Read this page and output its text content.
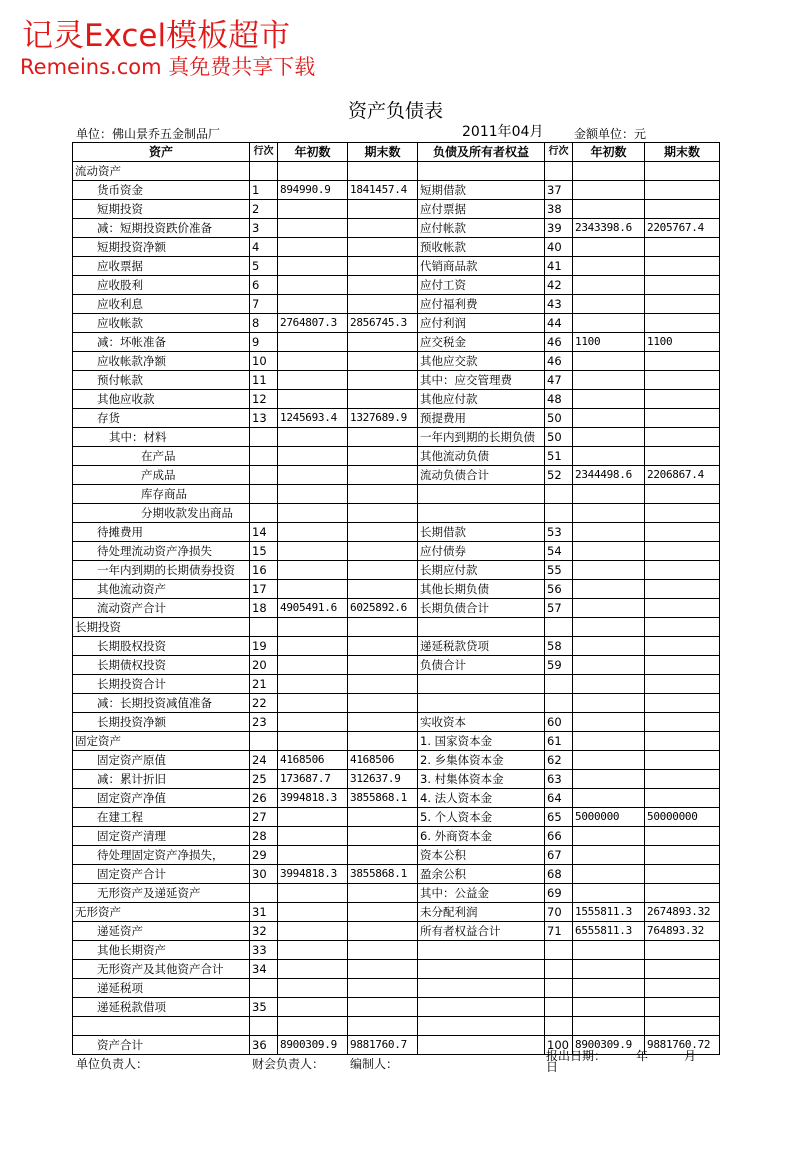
记灵Excel模板超市
Remeins.com 真免费共享下载
资产负债表
单位：佛山景乔五金制品厂	2011年04月	金额单位：元
资产	行次	年初数	期末数	负债及所有者权益	行次	年初数	期末数
流动资产							
货币资金	1	894990.9	1841457.4	短期借款	37		
短期投资	2			应付票据	38		
减：短期投资跌价准备	3			应付帐款	39	2343398.6	2205767.4
短期投资净额	4			预收帐款	40		
应收票据	5			代销商品款	41		
应收股利	6			应付工资	42		
应收利息	7			应付福利费	43		
应收帐款	8	2764807.3	2856745.3	应付利润	44		
减：坏帐准备	9			应交税金	46	1100	1100
应收帐款净额	10			其他应交款	46		
预付帐款	11			其中：应交管理费	47		
其他应收款	12			其他应付款	48		
存货	13	1245693.4	1327689.9	预提费用	50		
其中：材料				一年内到期的长期负债	50		
在产品				其他流动负债	51		
产成品				流动负债合计	52	2344498.6	2206867.4
库存商品							
分期收款发出商品							
待摊费用	14			长期借款	53		
待处理流动资产净损失	15			应付债券	54		
一年内到期的长期债券投资	16			长期应付款	55		
其他流动资产	17			其他长期负债	56		
流动资产合计	18	4905491.6	6025892.6	长期负债合计	57		
长期投资							
长期股权投资	19			递延税款贷项	58		
长期债权投资	20			负债合计	59		
长期投资合计	21						
减：长期投资减值准备	22						
长期投资净额	23			实收资本	60		
固定资产				1. 国家资本金	61		
固定资产原值	24	4168506	4168506	2. 乡集体资本金	62		
减：累计折旧	25	173687.7	312637.9	3. 村集体资本金	63		
固定资产净值	26	3994818.3	3855868.1	4. 法人资本金	64		
在建工程	27			5. 个人资本金	65	5000000	50000000
固定资产清理	28			6. 外商资本金	66		
待处理固定资产净损失，	29			资本公积	67		
固定资产合计	30	3994818.3	3855868.1	盈余公积	68		
无形资产及递延资产				其中：公益金	69		
无形资产	31			未分配利润	70	1555811.3	2674893.32
递延资产	32			所有者权益合计	71	6555811.3	764893.32
其他长期资产	33						
无形资产及其他资产合计	34						
递延税项							
递延税款借项	35						

资产合计	36	8900309.9	9881760.7		100	8900309.9	9881760.72
单位负责人：	财会负责人： 编制人：
报出日期：　　　年　　　月　　　日
